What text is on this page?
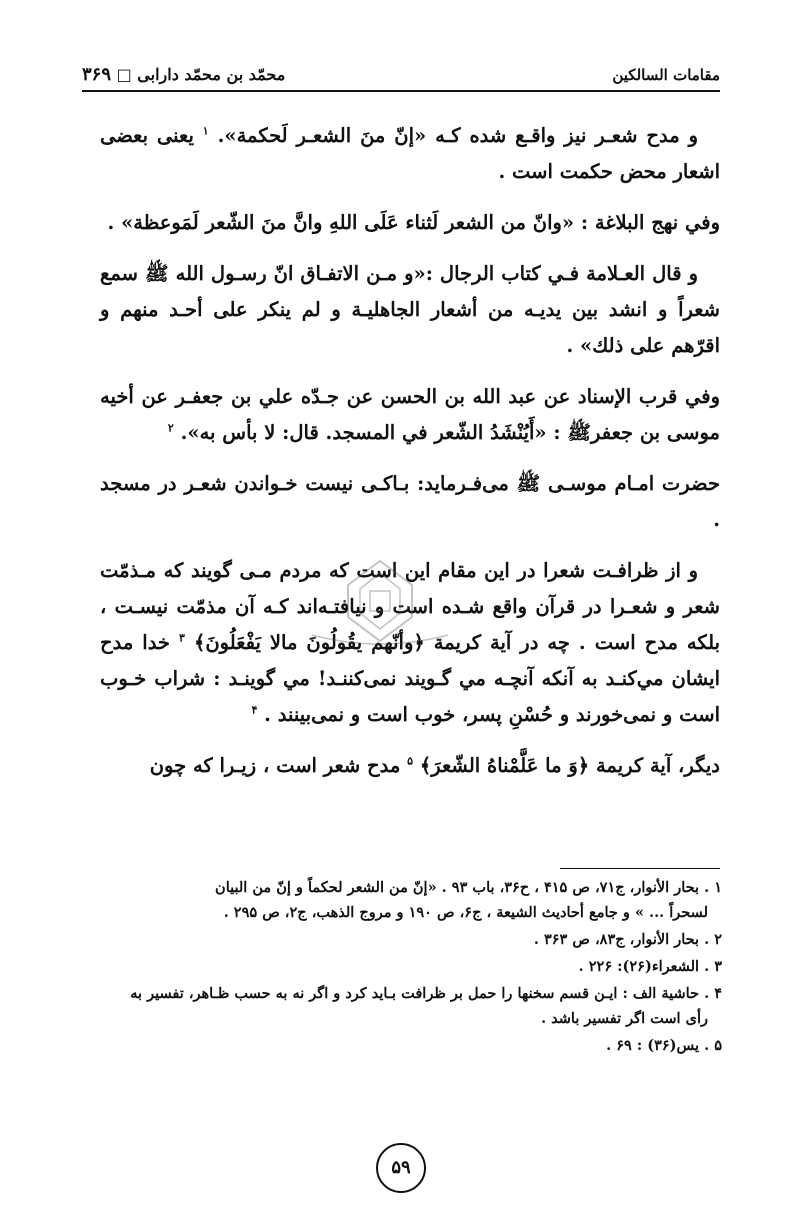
مقامات السالكين
محمّد بن محمّد دارابی □ ۳۶۹

و مدح شعـر نیز واقـع شده کـه «إنّ منَ الشعـر لَحكمة». $^۱$ یعنی بعضی اشعار محض حکمت است .

وفي نهج البلاغة : «وانّ من الشعر لَثناء عَلَى اللهِ وانَّ منَ الشّعر لَمَوعظة» .

و قال العـلامة فـي كتاب الرجال :«و مـن الاتفـاق انّ رسـول الله ﷺ سمع شعراً و انشد بين يديـه من أشعار الجاهليـة و لم ينكر على أحـد منهم و اقرّهم على ذلك» .

وفي قرب الإسناد عن عبد الله بن الحسن عن جـدّه علي بن جعفـر عن أخيه موسى بن جعفرﷺ : «أَيُنْشَدُ الشّعر في المسجد. قال: لا بأس به». $^۲$

حضرت امـام موسـی ﷺ می‌فـرمايد: بـاکـی نيست خـواندن شعـر در مسجد .

و از ظرافـت شعرا در اين مقام اين است كه مردم مـی گويند كه مـذمّت شعر و شعـرا در قرآن واقع شـده است و نيافتـه‌اند كـه آن مذمّت نيسـت ، بلكه مدح است . چه در آية كريمة ﴿وأنّهم يقُولُونَ مالا يَفْعَلُونَ﴾ $^۳$ خدا مدح ايشان مي‌كنـد به آنكه آنچـه مي گـويند نمی‌كننـد! مي گوينـد : شراب خـوب است و نمی‌خورند و حُسْنِ پسر، خوب است و نمی‌بينند . $^۴$

ديگر، آية كريمة ﴿وَ ما عَلَّمْناهُ الشّعرَ﴾ $^۵$ مدح شعر است ، زيـرا كه چون

۱ . بحار الأنوار، ج۷۱، ص ۴۱۵ ، ح۳۶، باب ۹۳ . «إنّ من الشعر لحكماً و إنّ من البيان
لسحراً ... » و جامع أحاديث الشيعة ، ج۶، ص ۱۹۰ و مروج الذهب، ج۲، ص ۲۹۵ .
۲ . بحار الأنوار، ج۸۳، ص ۳۶۳ .
۳ . الشعراء(۲۶): ۲۲۶ .
۴ . حاشية الف : ايـن قسم سخنها را حمل بر ظرافت بـايد كرد و اگر نه به حسب ظـاهر، تفسير به
رأی است اگر تفسير باشد .
۵ . يس(۳۶) : ۶۹ .
۵۹
